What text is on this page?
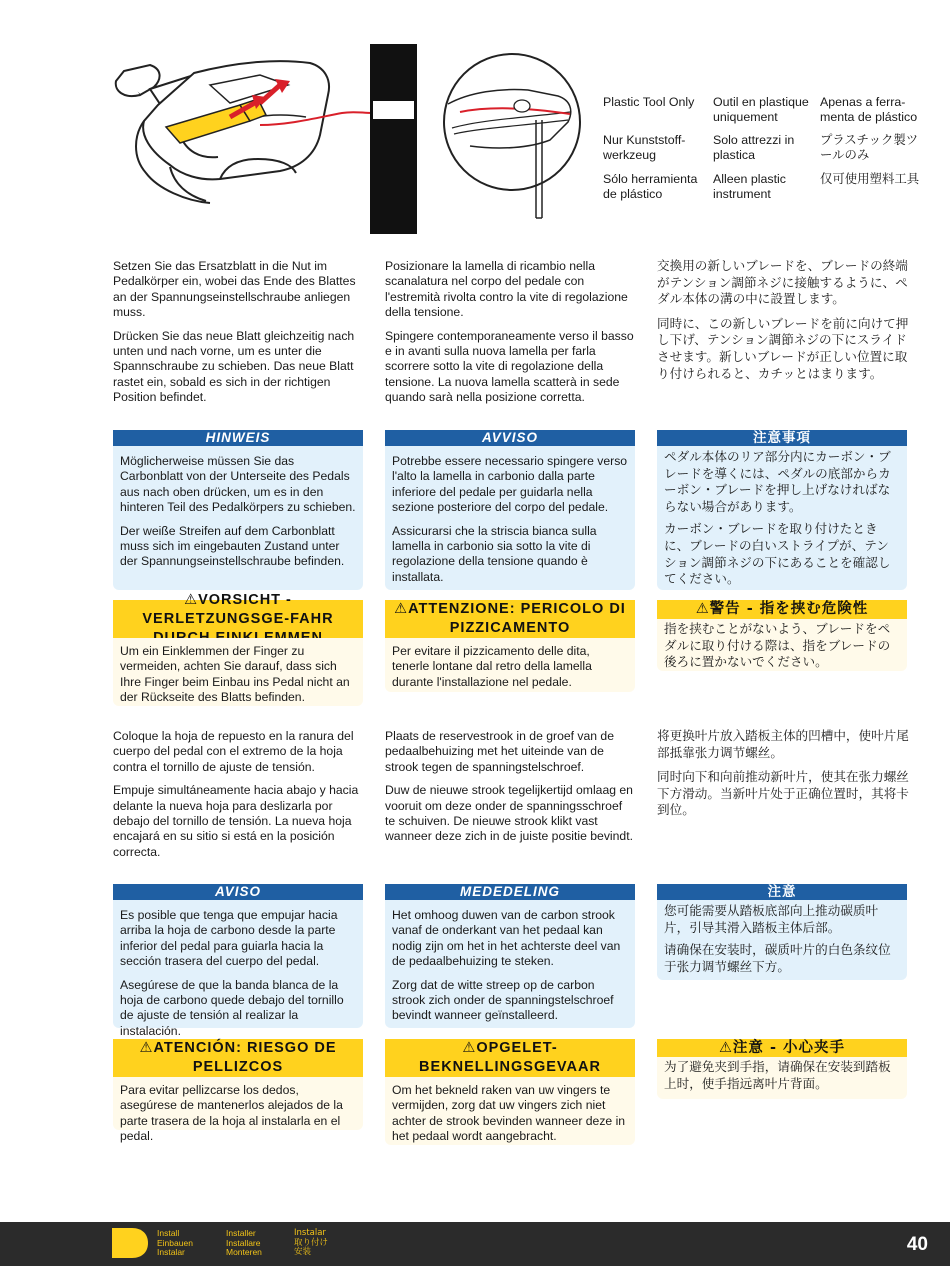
Plastic Tool Only	Outil en plastique uniquement
Apenas a ferra-menta de plástico
Nur Kunststoff-werkzeug
Solo attrezzi in plastica
プラスチック製ツールのみ
Sólo herramienta de plástico
Alleen plastic instrument
仅可使用塑料工具

Setzen Sie das Ersatzblatt in die Nut im Pedalkörper ein, wobei das Ende des Blattes an der Spannungseinstellschraube anliegen muss.

Drücken Sie das neue Blatt gleichzeitig nach unten und nach vorne, um es unter die Spannschraube zu schieben. Das neue Blatt rastet ein, sobald es sich in der richtigen Position befindet.

Posizionare la lamella di ricambio nella scanalatura nel corpo del pedale con l'estremità rivolta contro la vite di regolazione della tensione.

Spingere contemporaneamente verso il basso e in avanti sulla nuova lamella per farla scorrere sotto la vite di regolazione della tensione. La nuova lamella scatterà in sede quando sarà nella posizione corretta.

交換用の新しいブレードを、ブレードの終端がテンション調節ネジに接触するように、ペダル本体の溝の中に設置します。

同時に、この新しいブレードを前に向けて押し下げ、テンション調節ネジの下にスライドさせます。新しいブレードが正しい位置に取り付けられると、カチッとはまります。

HINWEIS

Möglicherweise müssen Sie das Carbonblatt von der Unterseite des Pedals aus nach oben drücken, um es in den hinteren Teil des Pedalkörpers zu schieben.

Der weiße Streifen auf dem Carbonblatt muss sich im eingebauten Zustand unter der Spannungseinstellschraube befinden.

AVVISO

Potrebbe essere necessario spingere verso l'alto la lamella in carbonio dalla parte inferiore del pedale per guidarla nella sezione posteriore del corpo del pedale.

Assicurarsi che la striscia bianca sulla lamella in carbonio sia sotto la vite di regolazione della tensione quando è installata.

注意事項

ペダル本体のリア部分内にカーボン・ブレードを導くには、ペダルの底部からカーボン・ブレードを押し上げなければならない場合があります。

カーボン・ブレードを取り付けたときに、ブレードの白いストライプが、テンション調節ネジの下にあることを確認してください。

⚠VORSICHT - VERLETZUNGSGE-FAHR

Um ein Einklemmen der Finger zu vermeiden, achten Sie darauf, dass sich Ihre Finger beim Einbau ins Pedal nicht an der Rückseite des Blatts befinden.

⚠ATTENZIONE: PERICOLO DI PIZZICAMENTO

Per evitare il pizzicamento delle dita, tenerle lontane dal retro della lamella durante l'installazione nel pedale.

⚠警告 - 指を挟む危険性

指を挟むことがないよう、ブレードをペダルに取り付ける際は、指をブレードの後ろに置かないでください。

Coloque la hoja de repuesto en la ranura del cuerpo del pedal con el extremo de la hoja contra el tornillo de ajuste de tensión.

Empuje simultáneamente hacia abajo y hacia delante la nueva hoja para deslizarla por debajo del tornillo de tensión. La nueva hoja encajará en su sitio si está en la posición correcta.

Plaats de reservestrook in de groef van de pedaalbehuizing met het uiteinde van de strook tegen de spanningstelschroef.

Duw de nieuwe strook tegelijkertijd omlaag en vooruit om deze onder de spanningsschroef te schuiven. De nieuwe strook klikt vast wanneer deze zich in de juiste positie bevindt.

将更换叶片放入踏板主体的凹槽中，使叶片尾部抵靠张力调节螺丝。

同时向下和向前推动新叶片，使其在张力螺丝下方滑动。当新叶片处于正确位置时，其将卡到位。

AVISO

Es posible que tenga que empujar hacia arriba la hoja de carbono desde la parte inferior del pedal para guiarla hacia la sección trasera del cuerpo del pedal.

Asegúrese de que la banda blanca de la hoja de carbono quede debajo del tornillo de ajuste de tensión al realizar la instalación.

MEDEDELING

Het omhoog duwen van de carbon strook vanaf de onderkant van het pedaal kan nodig zijn om het in het achterste deel van de pedaalbehuizing te steken.

Zorg dat de witte streep op de carbon strook zich onder de spanningstelschroef bevindt wanneer geïnstalleerd.

注意

您可能需要从踏板底部向上推动碳质叶片，引导其滑入踏板主体后部。

请确保在安装时，碳质叶片的白色条纹位于张力调节螺丝下方。

⚠ATENCIÓN: RIESGO DE PELLIZCOS

Para evitar pellizcarse los dedos, asegúrese de mantenerlos alejados de la parte trasera de la hoja al instalarla en el pedal.

⚠OPGELET-BEKNELLINGSGEVAAR

Om het bekneld raken van uw vingers te vermijden, zorg dat uw vingers zich niet achter de strook bevinden wanneer deze in het pedaal wordt aangebracht.

⚠注意 - 小心夹手

为了避免夹到手指，请确保在安装到踏板上时，使手指远离叶片背面。

Install
Einbauen
Instalar
Installer
Installare
Monteren
Instalar
取り付け
安装	40
